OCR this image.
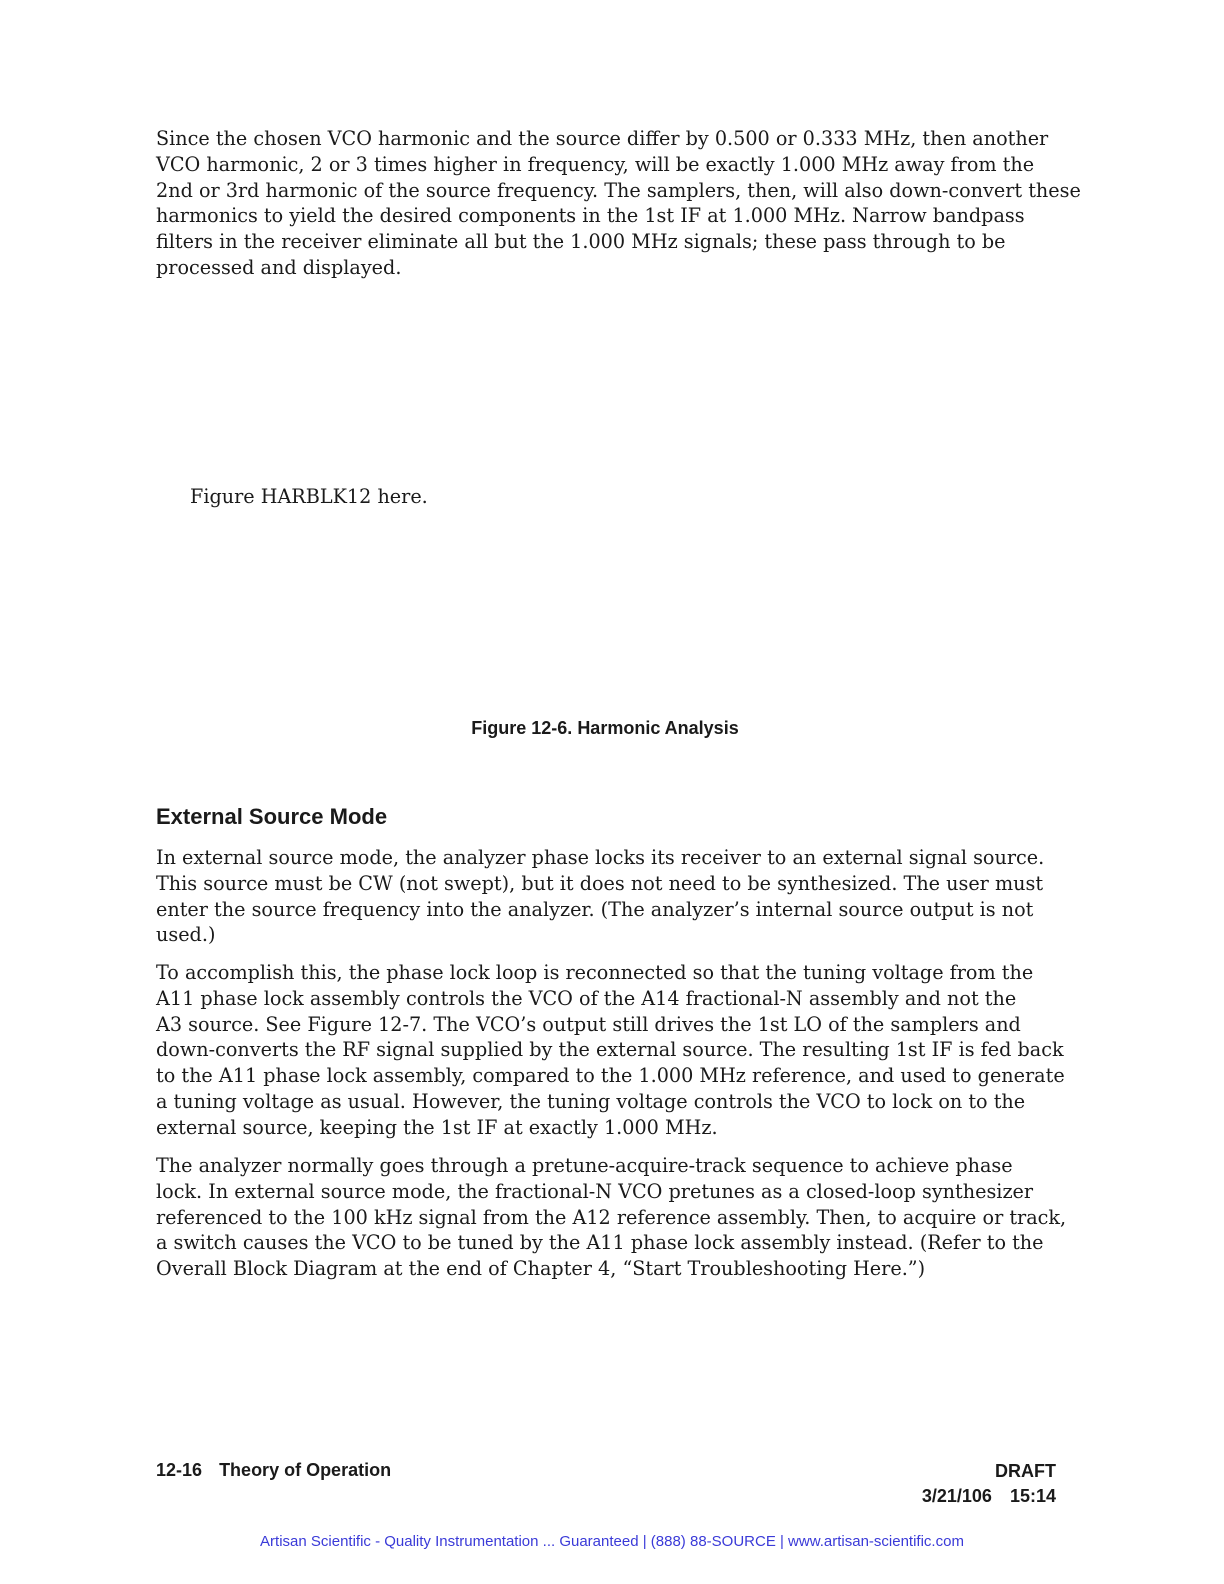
Since the chosen VCO harmonic and the source differ by 0.500 or 0.333 MHz, then another
VCO harmonic, 2 or 3 times higher in frequency, will be exactly 1.000 MHz away from the
2nd or 3rd harmonic of the source frequency. The samplers, then, will also down-convert these
harmonics to yield the desired components in the 1st IF at 1.000 MHz. Narrow bandpass
filters in the receiver eliminate all but the 1.000 MHz signals; these pass through to be
processed and displayed.

Figure HARBLK12 here.
Figure 12-6. Harmonic Analysis
External Source Mode

In external source mode, the analyzer phase locks its receiver to an external signal source.
This source must be CW (not swept), but it does not need to be synthesized. The user must
enter the source frequency into the analyzer. (The analyzer’s internal source output is not
used.)

To accomplish this, the phase lock loop is reconnected so that the tuning voltage from the
A11 phase lock assembly controls the VCO of the A14 fractional-N assembly and not the
A3 source. See Figure 12-7. The VCO’s output still drives the 1st LO of the samplers and
down-converts the RF signal supplied by the external source. The resulting 1st IF is fed back
to the A11 phase lock assembly, compared to the 1.000 MHz reference, and used to generate
a tuning voltage as usual. However, the tuning voltage controls the VCO to lock on to the
external source, keeping the 1st IF at exactly 1.000 MHz.

The analyzer normally goes through a pretune-acquire-track sequence to achieve phase
lock. In external source mode, the fractional-N VCO pretunes as a closed-loop synthesizer
referenced to the 100 kHz signal from the A12 reference assembly. Then, to acquire or track,
a switch causes the VCO to be tuned by the A11 phase lock assembly instead. (Refer to the
Overall Block Diagram at the end of Chapter 4, “Start Troubleshooting Here.”)

12-16 Theory of Operation	DRAFT
3/21/106 15:14
Artisan Scientific - Quality Instrumentation ... Guaranteed | (888) 88-SOURCE | www.artisan-scientific.com
